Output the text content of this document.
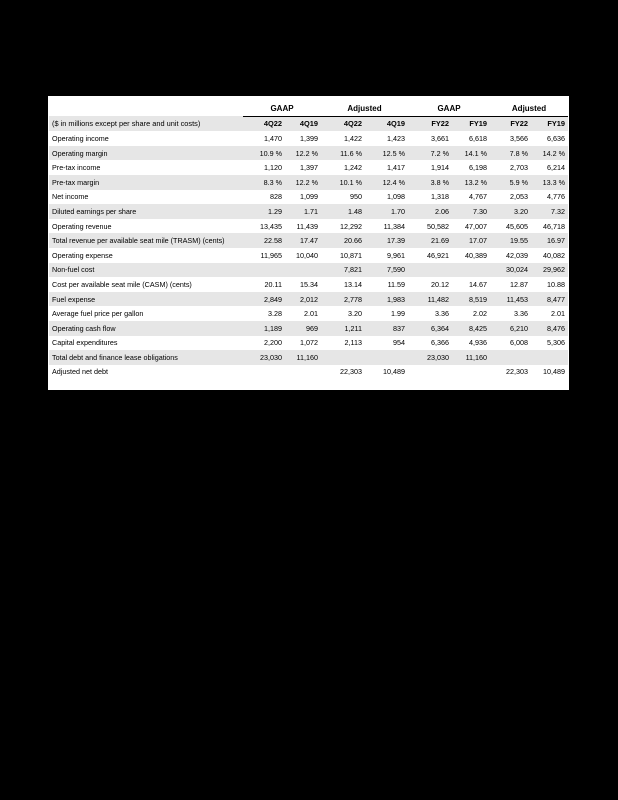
	GAAP		Adjusted		GAAP		Adjusted	
($ in millions except per share and unit costs)	4Q22	4Q19	4Q22	4Q19	FY22	FY19	FY22	FY19
Operating income	1,470	1,399	1,422	1,423	3,661	6,618	3,566	6,636
Operating margin	10.9 %	12.2 %	11.6 %	12.5 %	7.2 %	14.1 %	7.8 %	14.2 %
Pre-tax income	1,120	1,397	1,242	1,417	1,914	6,198	2,703	6,214
Pre-tax margin	8.3 %	12.2 %	10.1 %	12.4 %	3.8 %	13.2 %	5.9 %	13.3 %
Net income	828	1,099	950	1,098	1,318	4,767	2,053	4,776
Diluted earnings per share	1.29	1.71	1.48	1.70	2.06	7.30	3.20	7.32
Operating revenue	13,435	11,439	12,292	11,384	50,582	47,007	45,605	46,718
Total revenue per available seat mile (TRASM) (cents)	22.58	17.47	20.66	17.39	21.69	17.07	19.55	16.97
Operating expense	11,965	10,040	10,871	9,961	46,921	40,389	42,039	40,082
Non-fuel cost			7,821	7,590			30,024	29,962
Cost per available seat mile (CASM) (cents)	20.11	15.34	13.14	11.59	20.12	14.67	12.87	10.88
Fuel expense	2,849	2,012	2,778	1,983	11,482	8,519	11,453	8,477
Average fuel price per gallon	3.28	2.01	3.20	1.99	3.36	2.02	3.36	2.01
Operating cash flow	1,189	969	1,211	837	6,364	8,425	6,210	8,476
Capital expenditures	2,200	1,072	2,113	954	6,366	4,936	6,008	5,306
Total debt and finance lease obligations	23,030	11,160			23,030	11,160		
Adjusted net debt			22,303	10,489			22,303	10,489
